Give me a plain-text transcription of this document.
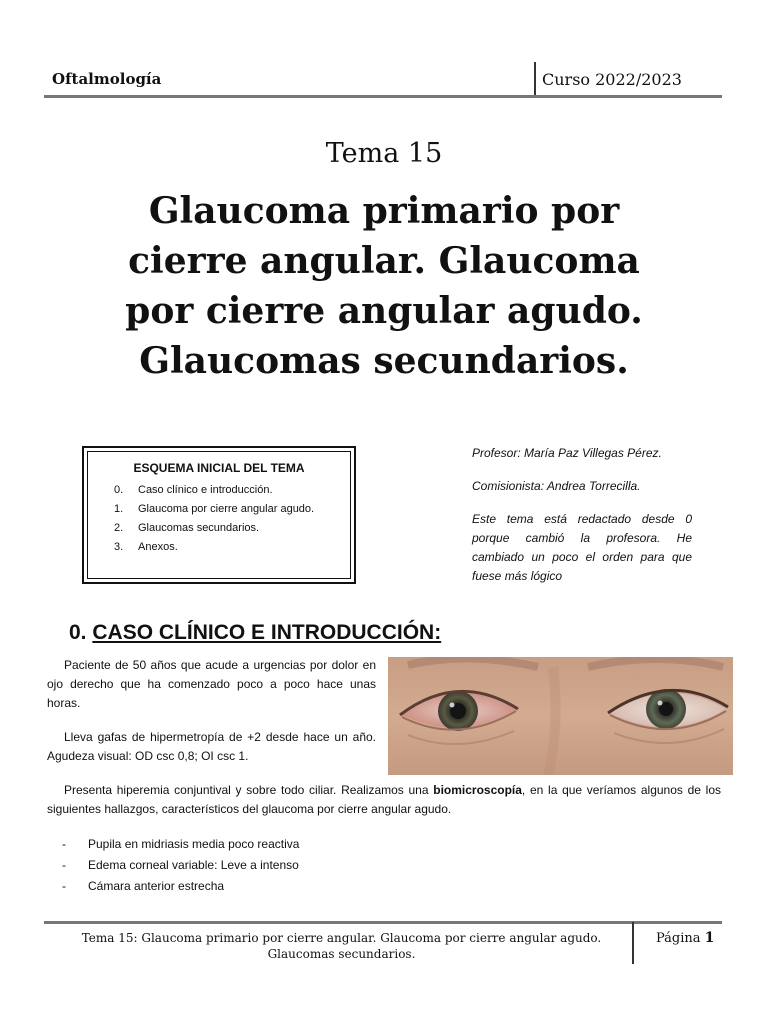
Oftalmología	Curso 2022/2023
Tema 15
Glaucoma primario por
cierre angular. Glaucoma
por cierre angular agudo.
Glaucomas secundarios.
ESQUEMA INICIAL DEL TEMA
0. Caso clínico e introducción.
1. Glaucoma por cierre angular agudo.
2. Glaucomas secundarios.
3. Anexos.
Profesor: María Paz Villegas Pérez.
Comisionista: Andrea Torrecilla.
Este tema está redactado desde 0 porque cambió la profesora. He cambiado un poco el orden para que fuese más lógico
0. CASO CLÍNICO E INTRODUCCIÓN:
Paciente de 50 años que acude a urgencias por dolor en ojo derecho que ha comenzado poco a poco hace unas horas.
Lleva gafas de hipermetropía de +2 desde hace un año. Agudeza visual: OD csc 0,8; OI csc 1.
Presenta hiperemia conjuntival y sobre todo ciliar. Realizamos una biomicroscopía, en la que veríamos algunos de los siguientes hallazgos, característicos del glaucoma por cierre angular agudo.
- Pupila en midriasis media poco reactiva
- Edema corneal variable: Leve a intenso
- Cámara anterior estrecha
Tema 15: Glaucoma primario por cierre angular. Glaucoma por cierre angular agudo.
Glaucomas secundarios.
Página 1
